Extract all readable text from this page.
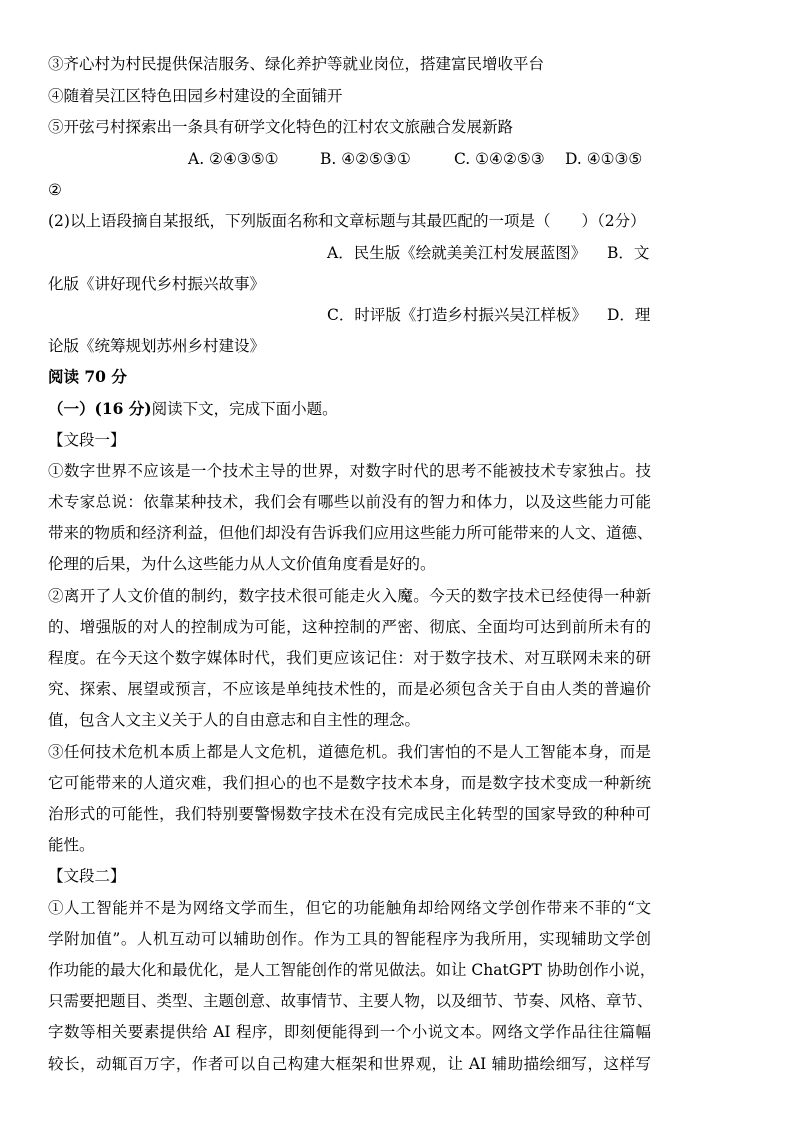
③齐心村为村民提供保洁服务、绿化养护等就业岗位，搭建富民增收平台
④随着吴江区特色田园乡村建设的全面铺开
⑤开弦弓村探索出一条具有研学文化特色的江村农文旅融合发展新路
A. ②④③⑤①	B. ④②⑤③①	C. ①④②⑤③ D. ④①③⑤
②
(2)以上语段摘自某报纸，下列版面名称和文章标题与其最匹配的一项是（　　）（2分）
A．民生版《绘就美美江村发展蓝图》 B．文
化版《讲好现代乡村振兴故事》
C．时评版《打造乡村振兴吴江样板》 D．理
论版《统筹规划苏州乡村建设》
阅读 70 分
（一）(16 分)阅读下文，完成下面小题。
【文段一】
①数字世界不应该是一个技术主导的世界，对数字时代的思考不能被技术专家独占。技
术专家总说：依靠某种技术，我们会有哪些以前没有的智力和体力，以及这些能力可能
带来的物质和经济利益，但他们却没有告诉我们应用这些能力所可能带来的人文、道德、
伦理的后果，为什么这些能力从人文价值角度看是好的。
②离开了人文价值的制约，数字技术很可能走火入魔。今天的数字技术已经使得一种新
的、增强版的对人的控制成为可能，这种控制的严密、彻底、全面均可达到前所未有的
程度。在今天这个数字媒体时代，我们更应该记住：对于数字技术、对互联网未来的研
究、探索、展望或预言，不应该是单纯技术性的，而是必须包含关于自由人类的普遍价
值，包含人文主义关于人的自由意志和自主性的理念。
③任何技术危机本质上都是人文危机，道德危机。我们害怕的不是人工智能本身，而是
它可能带来的人道灾难，我们担心的也不是数字技术本身，而是数字技术变成一种新统
治形式的可能性，我们特别要警惕数字技术在没有完成民主化转型的国家导致的种种可
能性。
【文段二】
①人工智能并不是为网络文学而生，但它的功能触角却给网络文学创作带来不菲的“文
学附加值”。人机互动可以辅助创作。作为工具的智能程序为我所用，实现辅助文学创
作功能的最大化和最优化，是人工智能创作的常见做法。如让 ChatGPT 协助创作小说，
只需要把题目、类型、主题创意、故事情节、主要人物，以及细节、节奏、风格、章节、
字数等相关要素提供给 AI 程序，即刻便能得到一个小说文本。网络文学作品往往篇幅
较长，动辄百万字，作者可以自己构建大框架和世界观，让 AI 辅助描绘细写，这样写
